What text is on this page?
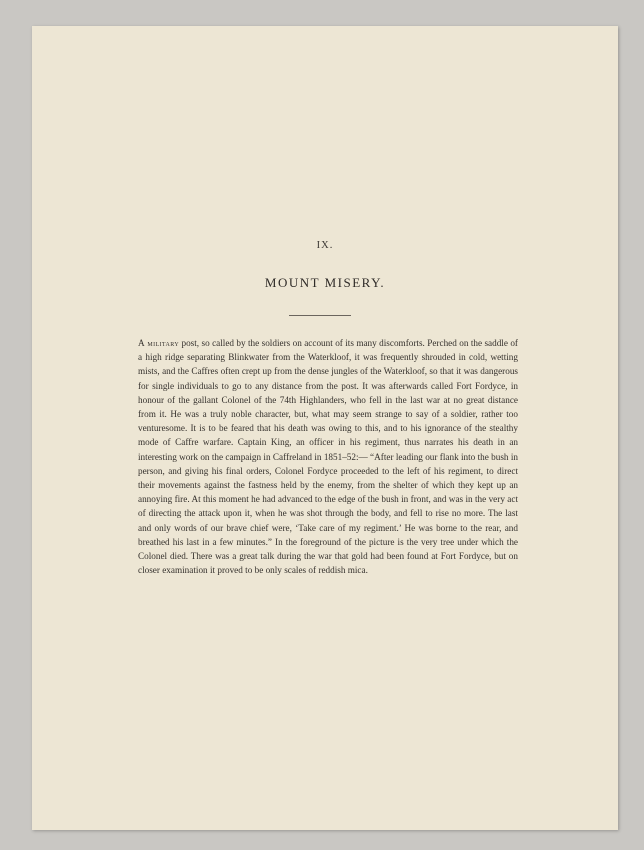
IX.
MOUNT MISERY.

A military post, so called by the soldiers on account of its many discomforts. Perched on the saddle of a high ridge separating Blinkwater from the Waterkloof, it was frequently shrouded in cold, wetting mists, and the Caffres often crept up from the dense jungles of the Waterkloof, so that it was dangerous for single individuals to go to any distance from the post. It was afterwards called Fort Fordyce, in honour of the gallant Colonel of the 74th Highlanders, who fell in the last war at no great distance from it. He was a truly noble character, but, what may seem strange to say of a soldier, rather too venturesome. It is to be feared that his death was owing to this, and to his ignorance of the stealthy mode of Caffre warfare. Captain King, an officer in his regiment, thus narrates his death in an interesting work on the campaign in Caffreland in 1851–52:— “After leading our flank into the bush in person, and giving his final orders, Colonel Fordyce proceeded to the left of his regiment, to direct their movements against the fastness held by the enemy, from the shelter of which they kept up an annoying fire. At this moment he had advanced to the edge of the bush in front, and was in the very act of directing the attack upon it, when he was shot through the body, and fell to rise no more. The last and only words of our brave chief were, ‘Take care of my regiment.’ He was borne to the rear, and breathed his last in a few minutes.” In the foreground of the picture is the very tree under which the Colonel died. There was a great talk during the war that gold had been found at Fort Fordyce, but on closer examination it proved to be only scales of reddish mica.
